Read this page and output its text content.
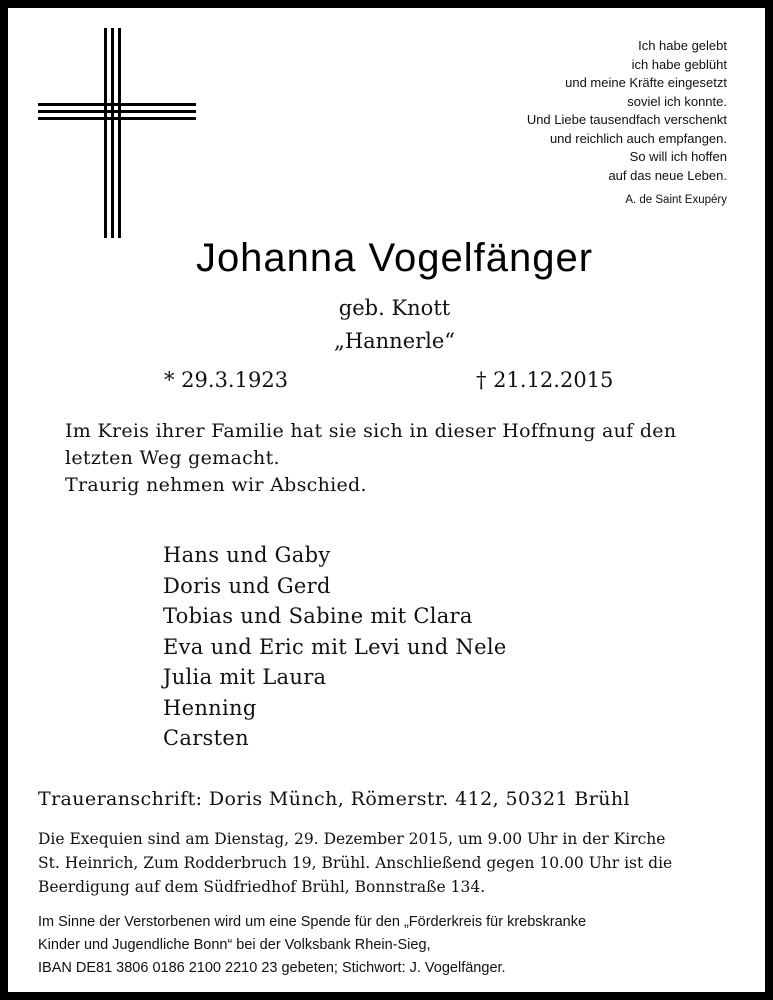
Ich habe gelebt
ich habe geblüht
und meine Kräfte eingesetzt
soviel ich konnte.
Und Liebe tausendfach verschenkt
und reichlich auch empfangen.
So will ich hoffen
auf das neue Leben.
A. de Saint Exupéry
Johanna Vogelfänger
geb. Knott
„Hannerle“
* 29.3.1923	† 21.12.2015
Im Kreis ihrer Familie hat sie sich in dieser Hoffnung auf den
letzten Weg gemacht.
Traurig nehmen wir Abschied.
Hans und Gaby
Doris und Gerd
Tobias und Sabine mit Clara
Eva und Eric mit Levi und Nele
Julia mit Laura
Henning
Carsten
Traueranschrift: Doris Münch, Römerstr. 412, 50321 Brühl
Die Exequien sind am Dienstag, 29. Dezember 2015, um 9.00 Uhr in der Kirche
St. Heinrich, Zum Rodderbruch 19, Brühl. Anschließend gegen 10.00 Uhr ist die
Beerdigung auf dem Südfriedhof Brühl, Bonnstraße 134.
Im Sinne der Verstorbenen wird um eine Spende für den „Förderkreis für krebskranke
Kinder und Jugendliche Bonn“ bei der Volksbank Rhein-Sieg,
IBAN DE81 3806 0186 2100 2210 23 gebeten; Stichwort: J. Vogelfänger.
